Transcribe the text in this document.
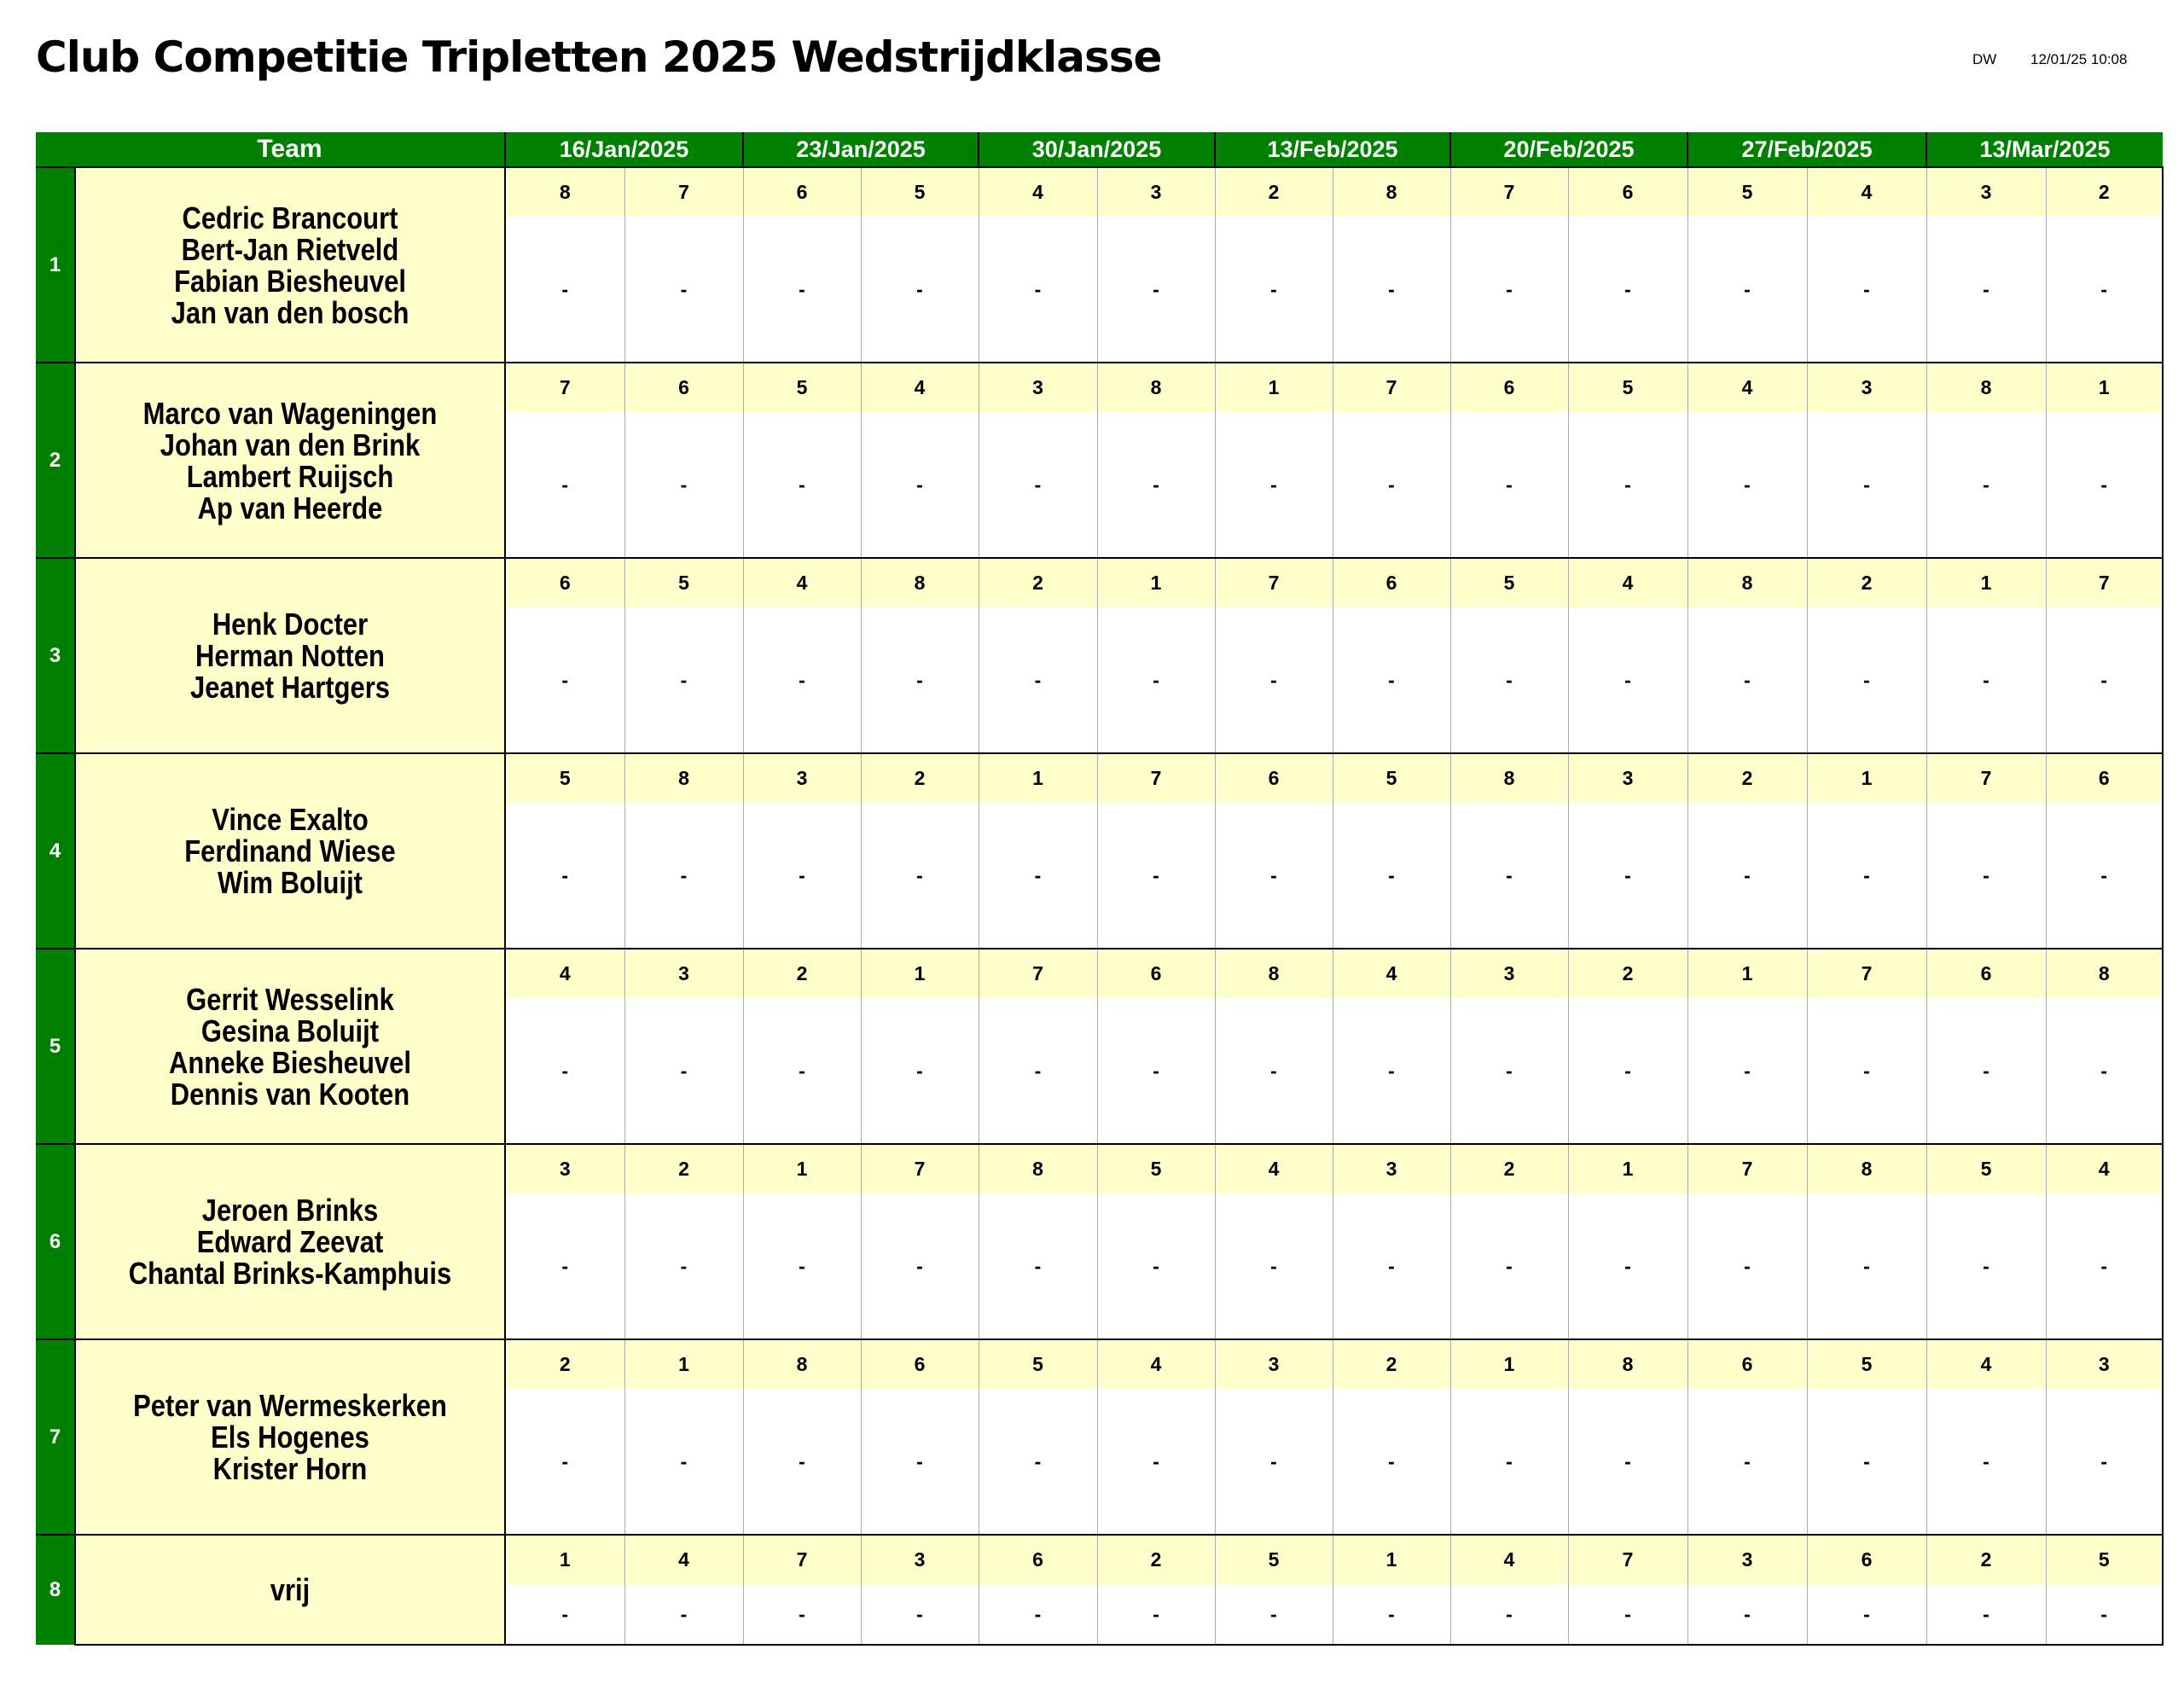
Club Competitie Tripletten 2025 Wedstrijdklasse	DW 12/01/25 10:08
	Team	16/Jan/2025		23/Jan/2025		30/Jan/2025		13/Feb/2025		20/Feb/2025		27/Feb/2025		13/Mar/2025	
1	Cedric Brancourt
Bert-Jan Rietveld
Fabian Biesheuvel
Jan van den bosch	8	7	6	5	4	3	2	8	7	6	5	4	3	2
		-	-	-	-	-	-	-	-	-	-	-	-	-	-
2	Marco van Wageningen
Johan van den Brink
Lambert Ruijsch
Ap van Heerde	7	6	5	4	3	8	1	7	6	5	4	3	8	1
		-	-	-	-	-	-	-	-	-	-	-	-	-	-
3	Henk Docter
Herman Notten
Jeanet Hartgers	6	5	4	8	2	1	7	6	5	4	8	2	1	7
		-	-	-	-	-	-	-	-	-	-	-	-	-	-
4	Vince Exalto
Ferdinand Wiese
Wim Boluijt	5	8	3	2	1	7	6	5	8	3	2	1	7	6
		-	-	-	-	-	-	-	-	-	-	-	-	-	-
5	Gerrit Wesselink
Gesina Boluijt
Anneke Biesheuvel
Dennis van Kooten	4	3	2	1	7	6	8	4	3	2	1	7	6	8
		-	-	-	-	-	-	-	-	-	-	-	-	-	-
6	Jeroen Brinks
Edward Zeevat
Chantal Brinks-Kamphuis	3	2	1	7	8	5	4	3	2	1	7	8	5	4
		-	-	-	-	-	-	-	-	-	-	-	-	-	-
7	Peter van Wermeskerken
Els Hogenes
Krister Horn	2	1	8	6	5	4	3	2	1	8	6	5	4	3
		-	-	-	-	-	-	-	-	-	-	-	-	-	-
8	vrij	1	4	7	3	6	2	5	1	4	7	3	6	2	5
		-	-	-	-	-	-	-	-	-	-	-	-	-	-
